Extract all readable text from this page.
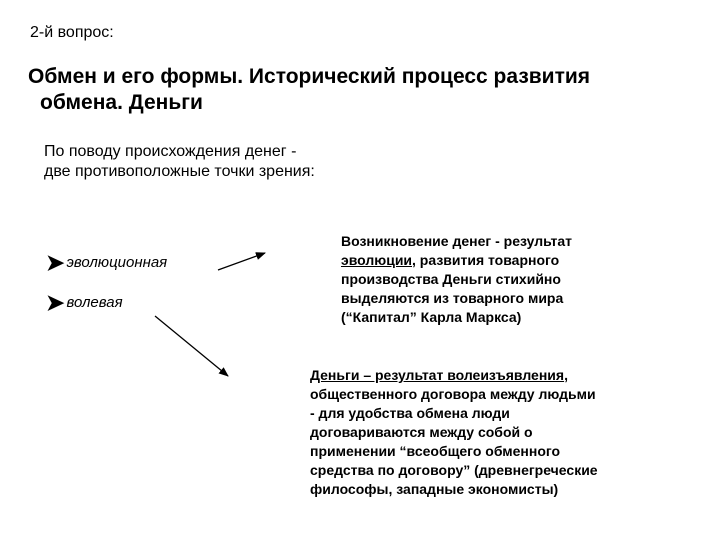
2-й вопрос:
Обмен и его формы. Исторический процесс развития
обмена. Деньги
По поводу происхождения денег -
две противоположные точки зрения:
➤ эволюционная
➤ волевая
Возникновение денег - результат
эволюции, развития товарного
производства Деньги стихийно
выделяются из товарного мира
(“Капитал” Карла Маркса)
Деньги – результат волеизъявления,
общественного договора между людьми
- для удобства обмена люди
договариваются между собой о
применении “всеобщего обменного
средства по договору” (древнегреческие
философы, западные экономисты)
